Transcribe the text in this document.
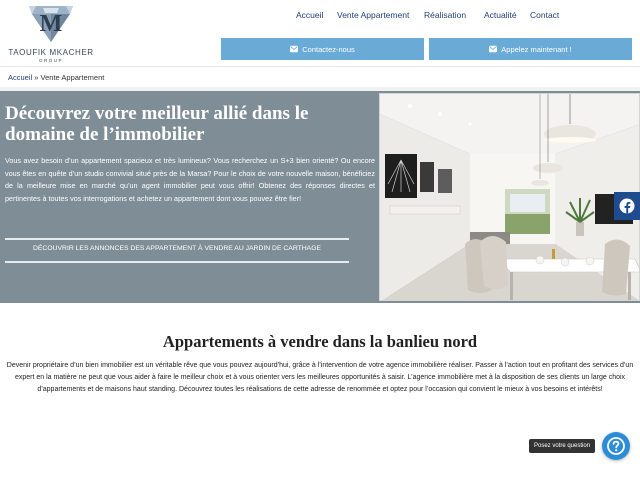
M
TAOUFIK MKACHER
GROUP
Accueil Vente Appartement Réalisation Actualité Contact
Contactez-nous	Appelez maintenant !
Accueil » Vente Appartement
Découvrez votre meilleur allié dans le domaine de l’immobilier

Vous avez besoin d’un appartement spacieux et très lumineux? Vous recherchez un S+3 bien orienté? Ou encore vous êtes en quête d’un studio convivial situé près de la Marsa? Pour le choix de votre nouvelle maison, bénéficiez de la meilleure mise en marché qu’un agent immobilier peut vous offrir! Obtenez des réponses directes et pertinentes à toutes vos interrogations et achetez un appartement dont vous pouvez être fier!

DÉCOUVRIR LES ANNONCES DES APPARTEMENT À VENDRE AU JARDIN DE CARTHAGE
Appartements à vendre dans la banlieu nord

Devenir propriétaire d’un bien immobilier est un véritable rêve que vous pouvez aujourd’hui, grâce à l’intervention de votre agence immobilière réaliser. Passer à l’action tout en profitant des services d’un expert en la matière ne peut que vous aider à faire le meilleur choix et à vous orienter vers les meilleures opportunités à saisir. L’agence immobilière met à la disposition de ses clients un large choix d’appartements et de maisons haut standing. Découvrez toutes les réalisations de cette adresse de renommée et optez pour l’occasion qui convient le mieux à vos besoins et intérêts!

Posez votre question
